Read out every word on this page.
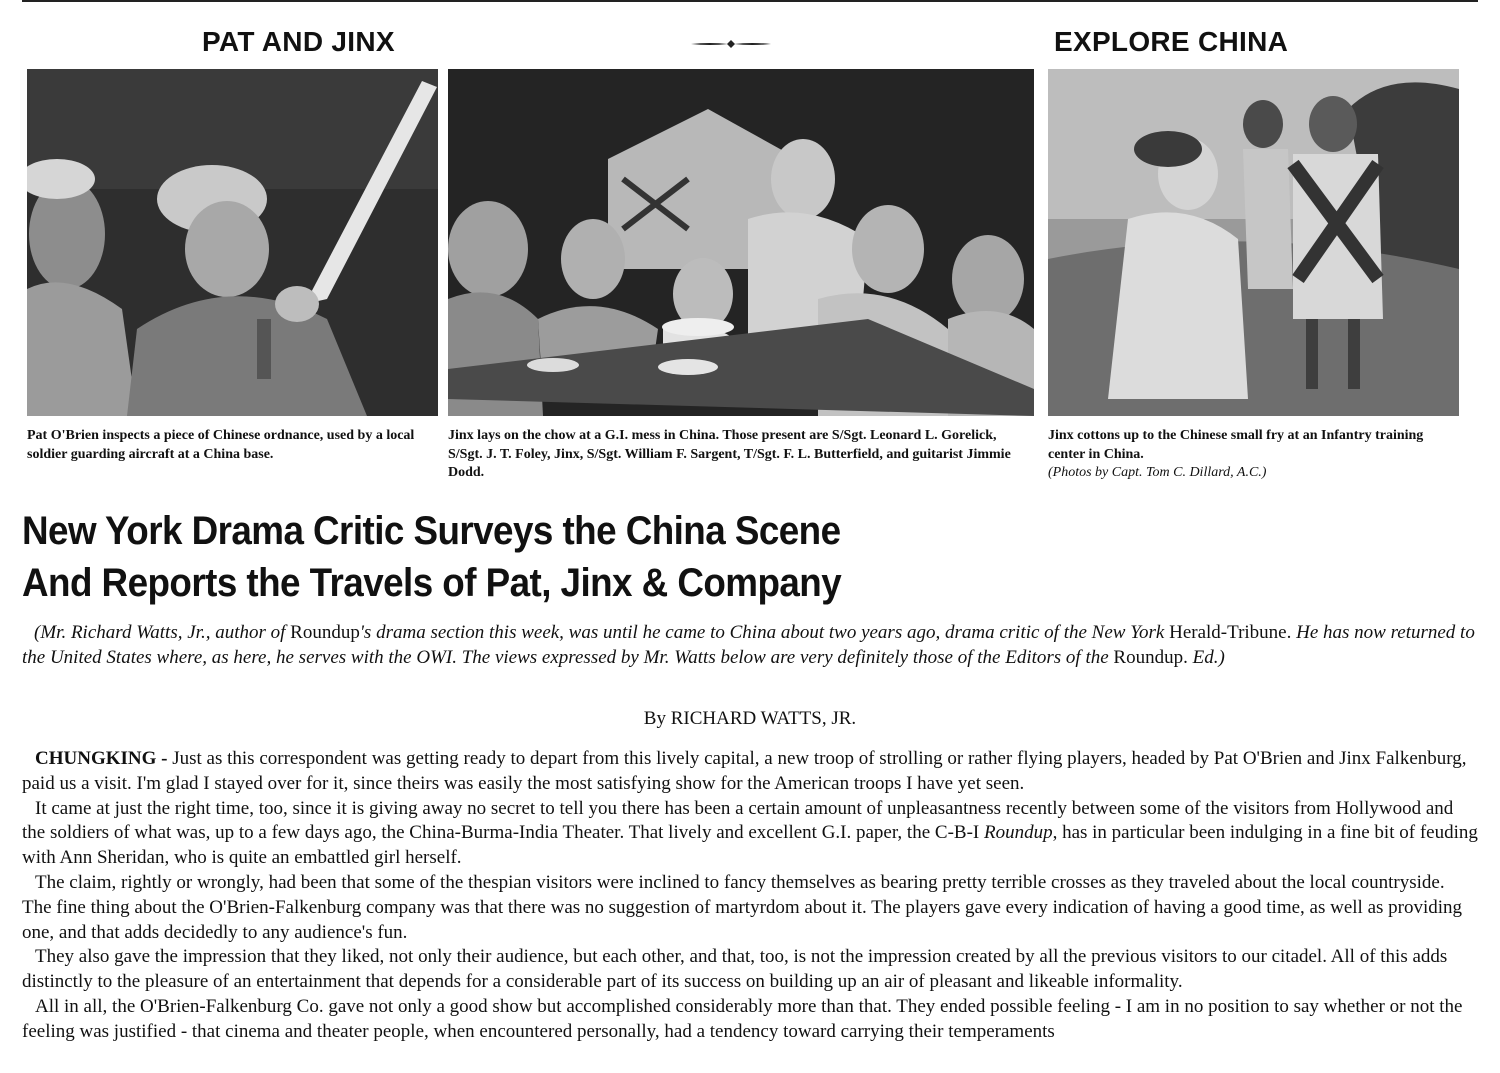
PAT AND JINX	EXPLORE CHINA
Pat O'Brien inspects a piece of Chinese ordnance, used by a local soldier guarding aircraft at a China base.
Jinx lays on the chow at a G.I. mess in China. Those present are S/Sgt. Leonard L. Gorelick, S/Sgt. J. T. Foley, Jinx, S/Sgt. William F. Sargent, T/Sgt. F. L. Butterfield, and guitarist Jimmie Dodd.
Jinx cottons up to the Chinese small fry at an Infantry training center in China.
(Photos by Capt. Tom C. Dillard, A.C.)
New York Drama Critic Surveys the China Scene
And Reports the Travels of Pat, Jinx & Company
(Mr. Richard Watts, Jr., author of Roundup's drama section this week, was until he came to China about two years ago, drama critic of the New York Herald-Tribune. He has now returned to the United States where, as here, he serves with the OWI. The views expressed by Mr. Watts below are very definitely those of the Editors of the Roundup. Ed.)
By RICHARD WATTS, JR.

CHUNGKING - Just as this correspondent was getting ready to depart from this lively capital, a new troop of strolling or rather flying players, headed by Pat O'Brien and Jinx Falkenburg, paid us a visit. I'm glad I stayed over for it, since theirs was easily the most satisfying show for the American troops I have yet seen.

It came at just the right time, too, since it is giving away no secret to tell you there has been a certain amount of unpleasantness recently between some of the visitors from Hollywood and the soldiers of what was, up to a few days ago, the China-Burma-India Theater. That lively and excellent G.I. paper, the C-B-I Roundup, has in particular been indulging in a fine bit of feuding with Ann Sheridan, who is quite an embattled girl herself.

The claim, rightly or wrongly, had been that some of the thespian visitors were inclined to fancy themselves as bearing pretty terrible crosses as they traveled about the local countryside. The fine thing about the O'Brien-Falkenburg company was that there was no suggestion of martyrdom about it. The players gave every indication of having a good time, as well as providing one, and that adds decidedly to any audience's fun.

They also gave the impression that they liked, not only their audience, but each other, and that, too, is not the impression created by all the previous visitors to our citadel. All of this adds distinctly to the pleasure of an entertainment that depends for a considerable part of its success on building up an air of pleasant and likeable informality.

All in all, the O'Brien-Falkenburg Co. gave not only a good show but accomplished considerably more than that. They ended possible feeling - I am in no position to say whether or not the feeling was justified - that cinema and theater people, when encountered personally, had a tendency toward carrying their temperaments
